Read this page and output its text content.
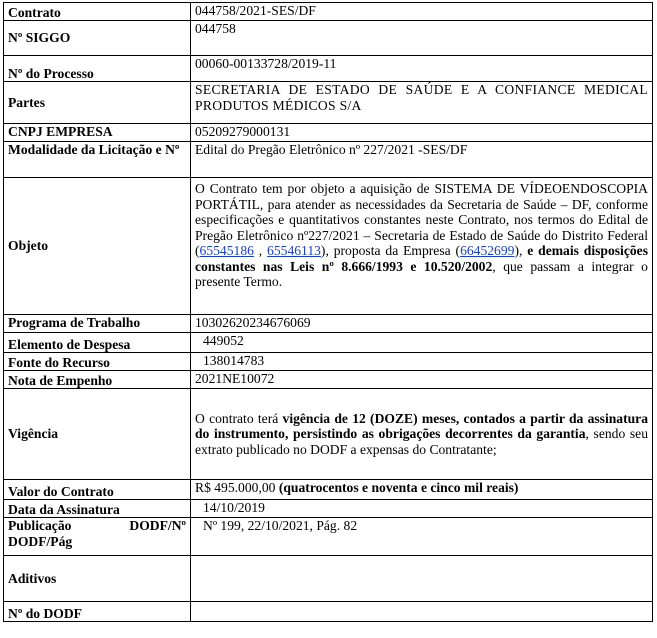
Contrato	044758/2021-SES/DF
Nº SIGGO	044758
Nº do Processo	00060-00133728/2019-11
Partes	SECRETARIA DE ESTADO DE SAÚDE E A CONFIANCE MEDICAL PRODUTOS MÉDICOS S/A
CNPJ EMPRESA	05209279000131
Modalidade da Licitação e Nº	Edital do Pregão Eletrônico nº 227/2021 -SES/DF
Objeto	O Contrato tem por objeto a aquisição de SISTEMA DE VÍDEOENDOSCOPIA PORTÁTIL, para atender as necessidades da Secretaria de Saúde – DF, conforme especificações e quantitativos constantes neste Contrato, nos termos do Edital de Pregão Eletrônico nº227/2021 – Secretaria de Estado de Saúde do Distrito Federal (65545186 , 65546113), proposta da Empresa (66452699), e demais disposições constantes nas Leis nº 8.666/1993 e 10.520/2002, que passam a integrar o presente Termo.
Programa de Trabalho	10302620234676069
Elemento de Despesa	449052
Fonte do Recurso	138014783
Nota de Empenho	2021NE10072
Vigência	O contrato terá vigência de 12 (DOZE) meses, contados a partir da assinatura do instrumento, persistindo as obrigações decorrentes da garantia, sendo seu extrato publicado no DODF a expensas do Contratante;
Valor do Contrato	R$ 495.000,00 (quatrocentos e noventa e cinco mil reais)
Data da Assinatura	14/10/2019

Publicação DODF/Nº
DODF/Pág	Nº 199, 22/10/2021, Pág. 82
Aditivos	
Nº do DODF	
